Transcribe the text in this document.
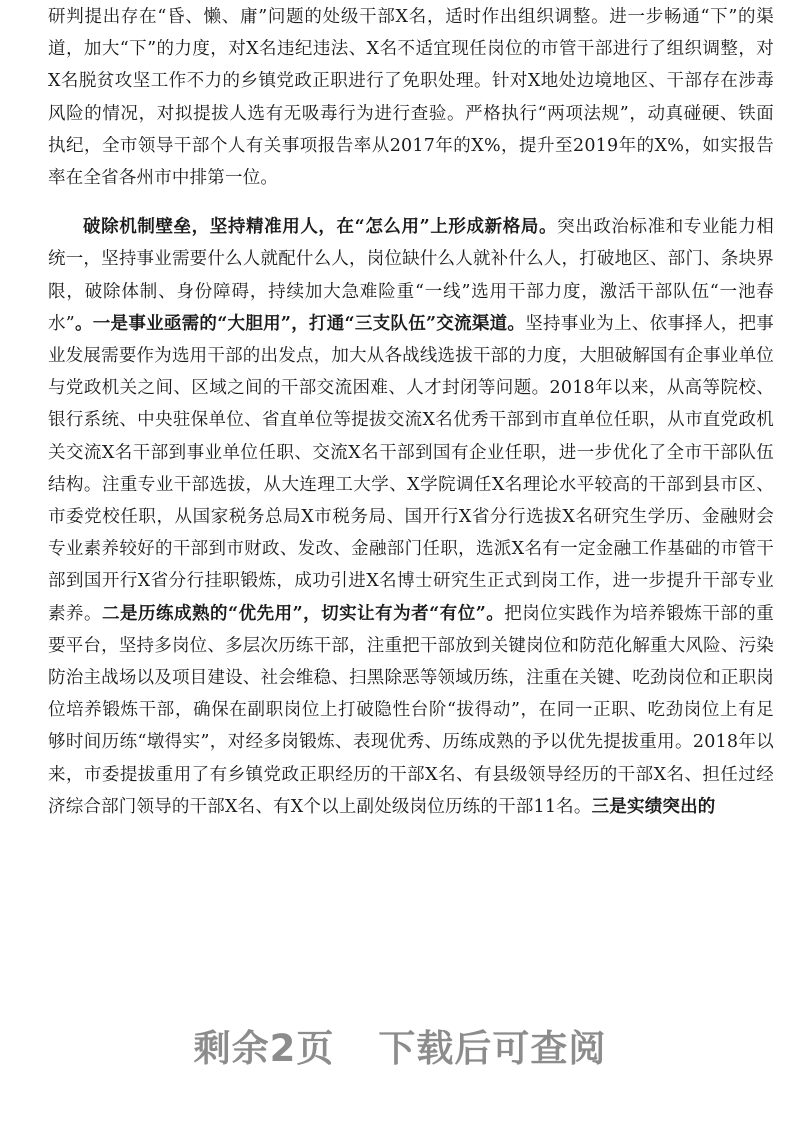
研判提出存在“昏、懒、庸”问题的处级干部X名，适时作出组织调整。进一步畅通“下”的渠道，加大“下”的力度，对X名违纪违法、X名不适宜现任岗位的市管干部进行了组织调整，对X名脱贫攻坚工作不力的乡镇党政正职进行了免职处理。针对X地处边境地区、干部存在涉毒风险的情况，对拟提拔人选有无吸毒行为进行查验。严格执行“两项法规”，动真碰硬、铁面执纪，全市领导干部个人有关事项报告率从2017年的X%，提升至2019年的X%，如实报告率在全省各州市中排第一位。

破除机制壁垒，坚持精准用人，在“怎么用”上形成新格局。突出政治标准和专业能力相统一，坚持事业需要什么人就配什么人，岗位缺什么人就补什么人，打破地区、部门、条块界限，破除体制、身份障碍，持续加大急难险重“一线”选用干部力度，激活干部队伍“一池春水”。一是事业亟需的“大胆用”，打通“三支队伍”交流渠道。坚持事业为上、依事择人，把事业发展需要作为选用干部的出发点，加大从各战线选拔干部的力度，大胆破解国有企事业单位与党政机关之间、区域之间的干部交流困难、人才封闭等问题。2018年以来，从高等院校、银行系统、中央驻保单位、省直单位等提拔交流X名优秀干部到市直单位任职，从市直党政机关交流X名干部到事业单位任职、交流X名干部到国有企业任职，进一步优化了全市干部队伍结构。注重专业干部选拔，从大连理工大学、X学院调任X名理论水平较高的干部到县市区、市委党校任职，从国家税务总局X市税务局、国开行X省分行选拔X名研究生学历、金融财会专业素养较好的干部到市财政、发改、金融部门任职，选派X名有一定金融工作基础的市管干部到国开行X省分行挂职锻炼，成功引进X名博士研究生正式到岗工作，进一步提升干部专业素养。二是历练成熟的“优先用”，切实让有为者“有位”。把岗位实践作为培养锻炼干部的重要平台，坚持多岗位、多层次历练干部，注重把干部放到关键岗位和防范化解重大风险、污染防治主战场以及项目建设、社会维稳、扫黑除恶等领域历练，注重在关键、吃劲岗位和正职岗位培养锻炼干部，确保在副职岗位上打破隐性台阶“拔得动”，在同一正职、吃劲岗位上有足够时间历练“墩得实”，对经多岗锻炼、表现优秀、历练成熟的予以优先提拔重用。2018年以来，市委提拔重用了有乡镇党政正职经历的干部X名、有县级领导经历的干部X名、担任过经济综合部门领导的干部X名、有X个以上副处级岗位历练的干部11名。三是实绩突出的

剩余2页 下载后可查阅
